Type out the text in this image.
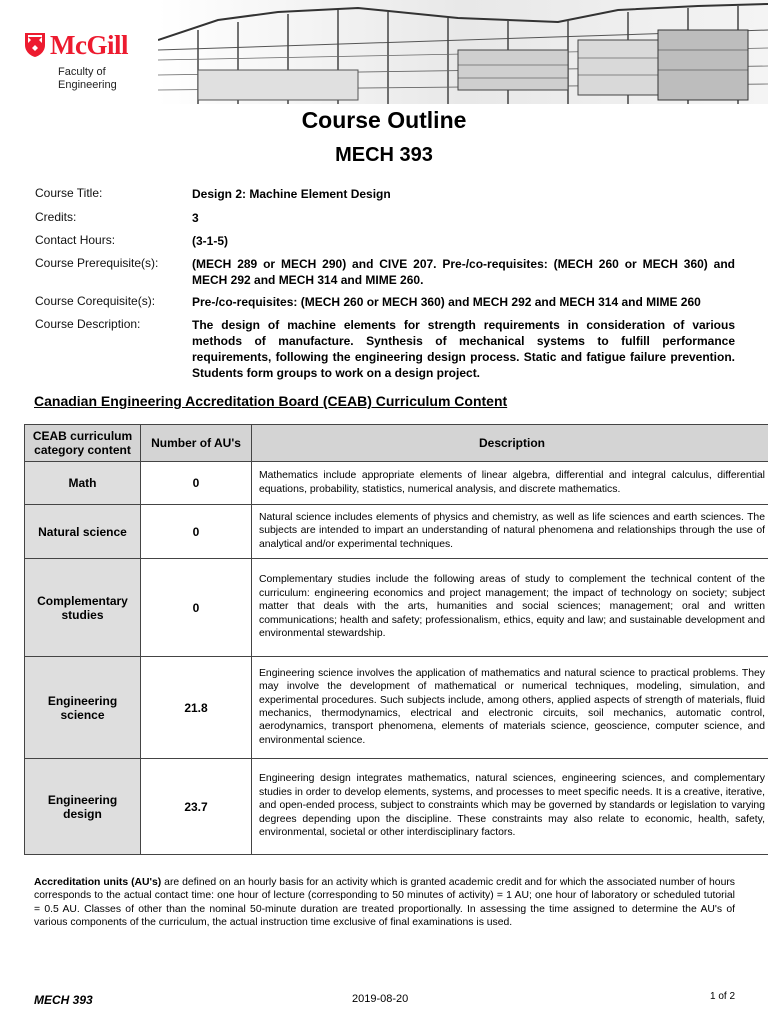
McGill
Faculty of
Engineering
Course Outline
MECH 393
Course Title:	Design 2: Machine Element Design
Credits:	3
Contact Hours:	(3-1-5)
Course Prerequisite(s):	(MECH 289 or MECH 290) and CIVE 207. Pre-/co-requisites: (MECH 260 or MECH 360) and MECH 292 and MECH 314 and MIME 260.
Course Corequisite(s):	Pre-/co-requisites: (MECH 260 or MECH 360) and MECH 292 and MECH 314 and MIME 260
Course Description:	The design of machine elements for strength requirements in consideration of various methods of manufacture. Synthesis of mechanical systems to fulfill performance requirements, following the engineering design process. Static and fatigue failure prevention. Students form groups to work on a design project.
Canadian Engineering Accreditation Board (CEAB) Curriculum Content
CEAB curriculum category content	Number of AU's	Description
Math	0	Mathematics include appropriate elements of linear algebra, differential and integral calculus, differential equations, probability, statistics, numerical analysis, and discrete mathematics.
Natural science	0	Natural science includes elements of physics and chemistry, as well as life sciences and earth sciences. The subjects are intended to impart an understanding of natural phenomena and relationships through the use of analytical and/or experimental techniques.
Complementary studies	0	Complementary studies include the following areas of study to complement the technical content of the curriculum: engineering economics and project management; the impact of technology on society; subject matter that deals with the arts, humanities and social sciences; management; oral and written communications; health and safety; professionalism, ethics, equity and law; and sustainable development and environmental stewardship.
Engineering science	21.8	Engineering science involves the application of mathematics and natural science to practical problems. They may involve the development of mathematical or numerical techniques, modeling, simulation, and experimental procedures. Such subjects include, among others, applied aspects of strength of materials, fluid mechanics, thermodynamics, electrical and electronic circuits, soil mechanics, automatic control, aerodynamics, transport phenomena, elements of materials science, geoscience, computer science, and environmental science.
Engineering design	23.7	Engineering design integrates mathematics, natural sciences, engineering sciences, and complementary studies in order to develop elements, systems, and processes to meet specific needs. It is a creative, iterative, and open-ended process, subject to constraints which may be governed by standards or legislation to varying degrees depending upon the discipline. These constraints may also relate to economic, health, safety, environmental, societal or other interdisciplinary factors.
Accreditation units (AU's) are defined on an hourly basis for an activity which is granted academic credit and for which the associated number of hours corresponds to the actual contact time: one hour of lecture (corresponding to 50 minutes of activity) = 1 AU; one hour of laboratory or scheduled tutorial = 0.5 AU. Classes of other than the nominal 50-minute duration are treated proportionally. In assessing the time assigned to determine the AU's of various components of the curriculum, the actual instruction time exclusive of final examinations is used.
MECH 393	2019-08-20	1 of 2
